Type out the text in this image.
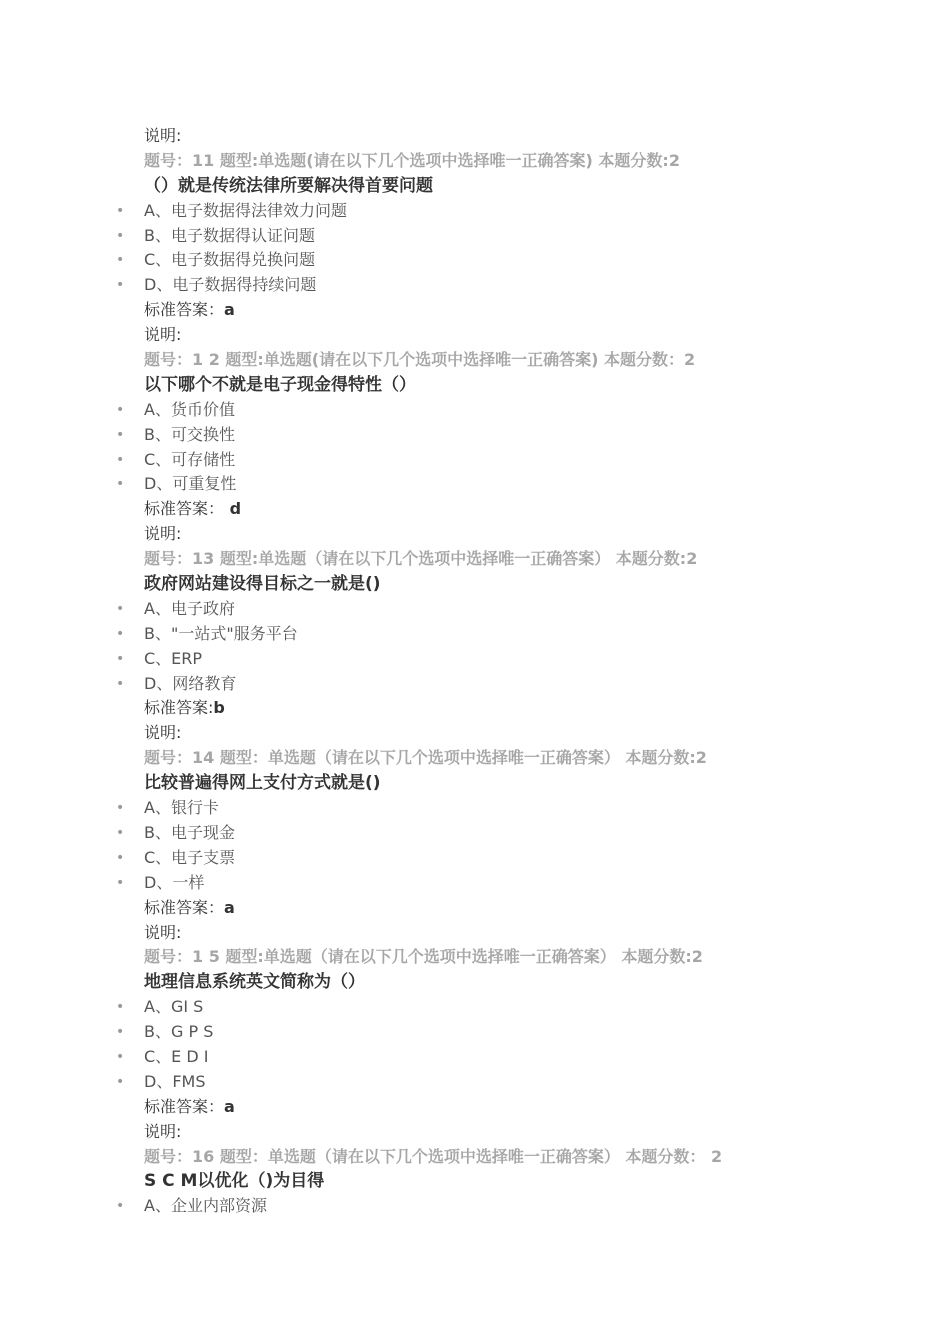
说明:
题号：11 题型:单选题(请在以下几个选项中选择唯一正确答案) 本题分数:2
（）就是传统法律所要解决得首要问题
A、电子数据得法律效力问题
•
B、电子数据得认证问题
•
C、电子数据得兑换问题
•
D、电子数据得持续问题
•
标准答案：a
说明:
题号：1 2 题型:单选题(请在以下几个选项中选择唯一正确答案) 本题分数：2
以下哪个不就是电子现金得特性（）
A、货币价值
•
B、可交换性
•
C、可存储性
•
D、可重复性
•
标准答案： d
说明:
题号：13 题型:单选题（请在以下几个选项中选择唯一正确答案） 本题分数:2
政府网站建设得目标之一就是()
A、电子政府
•
B、"一站式"服务平台
•
C、ERP
•
D、网络教育
•
标准答案:b
说明:
题号：14 题型：单选题（请在以下几个选项中选择唯一正确答案） 本题分数:2
比较普遍得网上支付方式就是()
A、银行卡
•
B、电子现金
•
C、电子支票
•
D、一样
•
标准答案：a
说明:
题号：1 5 题型:单选题（请在以下几个选项中选择唯一正确答案） 本题分数:2
地理信息系统英文简称为（）
A、GI S
•
B、G P S
•
C、E D I
•
D、FMS
•
标准答案：a
说明:
题号：16 题型：单选题（请在以下几个选项中选择唯一正确答案） 本题分数： 2
S C M以优化（)为目得
A、企业内部资源
•
